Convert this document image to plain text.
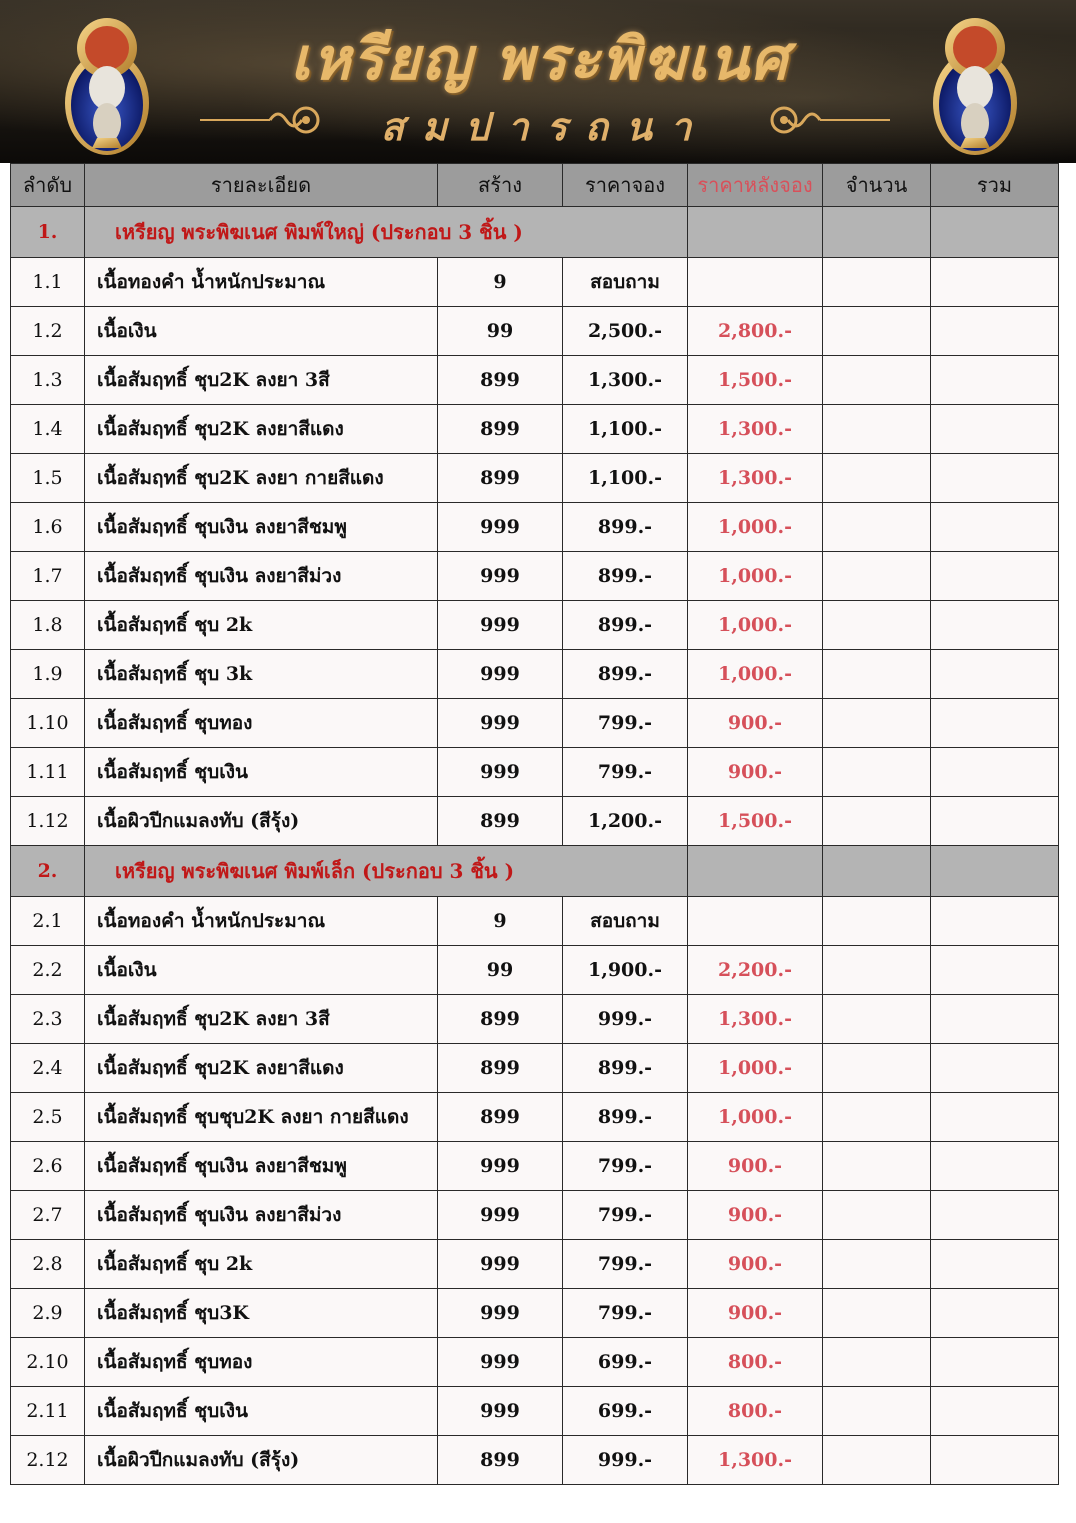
เหรียญ พระพิฆเนศ
สมปารถนา
ลำดับ	รายละเอียด	สร้าง	ราคาจอง	ราคาหลังจอง	จำนวน	รวม
1.	เหรียญ พระพิฆเนศ พิมพ์ใหญ่ (ประกอบ 3 ชิ้น )					
1.1	เนื้อทองคำ น้ำหนักประมาณ	9	สอบถาม			
1.2	เนื้อเงิน	99	2,500.-	2,800.-		
1.3	เนื้อสัมฤทธิ์ ชุบ2K ลงยา 3สี	899	1,300.-	1,500.-		
1.4	เนื้อสัมฤทธิ์ ชุบ2K ลงยาสีแดง	899	1,100.-	1,300.-		
1.5	เนื้อสัมฤทธิ์ ชุบ2K ลงยา กายสีแดง	899	1,100.-	1,300.-		
1.6	เนื้อสัมฤทธิ์ ชุบเงิน ลงยาสีชมพู	999	899.-	1,000.-		
1.7	เนื้อสัมฤทธิ์ ชุบเงิน ลงยาสีม่วง	999	899.-	1,000.-		
1.8	เนื้อสัมฤทธิ์ ชุบ 2k	999	899.-	1,000.-		
1.9	เนื้อสัมฤทธิ์ ชุบ 3k	999	899.-	1,000.-		
1.10	เนื้อสัมฤทธิ์ ชุบทอง	999	799.-	900.-		
1.11	เนื้อสัมฤทธิ์ ชุบเงิน	999	799.-	900.-		
1.12	เนื้อผิวปีกแมลงทับ (สีรุ้ง)	899	1,200.-	1,500.-		
2.	เหรียญ พระพิฆเนศ พิมพ์เล็ก (ประกอบ 3 ชิ้น )					
2.1	เนื้อทองคำ น้ำหนักประมาณ	9	สอบถาม			
2.2	เนื้อเงิน	99	1,900.-	2,200.-		
2.3	เนื้อสัมฤทธิ์ ชุบ2K ลงยา 3สี	899	999.-	1,300.-		
2.4	เนื้อสัมฤทธิ์ ชุบ2K ลงยาสีแดง	899	899.-	1,000.-		
2.5	เนื้อสัมฤทธิ์ ชุบชุบ2K ลงยา กายสีแดง	899	899.-	1,000.-		
2.6	เนื้อสัมฤทธิ์ ชุบเงิน ลงยาสีชมพู	999	799.-	900.-		
2.7	เนื้อสัมฤทธิ์ ชุบเงิน ลงยาสีม่วง	999	799.-	900.-		
2.8	เนื้อสัมฤทธิ์ ชุบ 2k	999	799.-	900.-		
2.9	เนื้อสัมฤทธิ์ ชุบ3K	999	799.-	900.-		
2.10	เนื้อสัมฤทธิ์ ชุบทอง	999	699.-	800.-		
2.11	เนื้อสัมฤทธิ์ ชุบเงิน	999	699.-	800.-		
2.12	เนื้อผิวปีกแมลงทับ (สีรุ้ง)	899	999.-	1,300.-		
